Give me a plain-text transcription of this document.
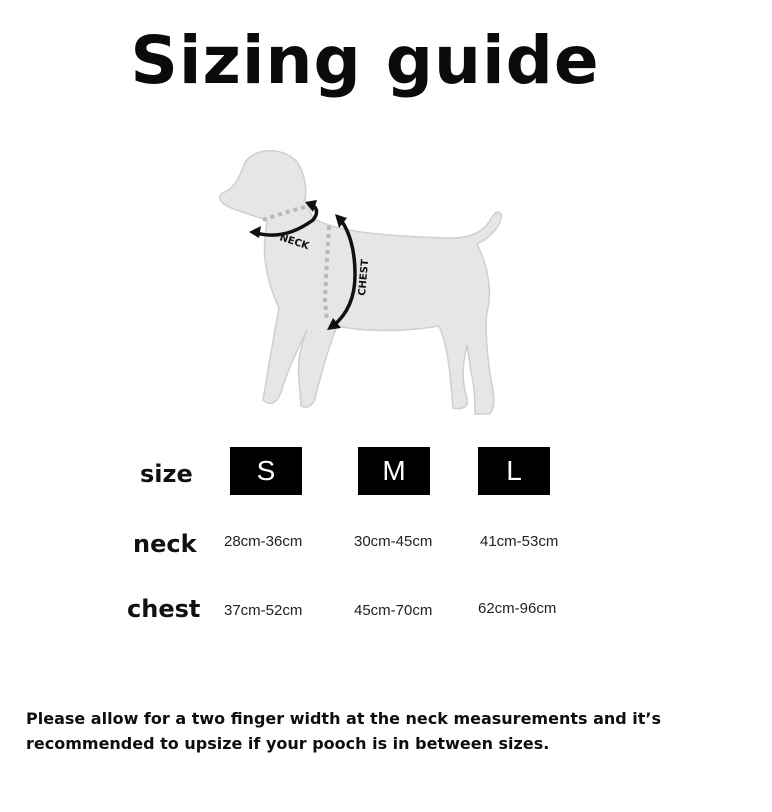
Sizing guide
NECK
CHEST
size	S	M	L
neck 28cm-36cm	30cm-45cm	41cm-53cm
chest 37cm-52cm	45cm-70cm	62cm-96cm
Please allow for a two finger width at the neck measurements and it’s
recommended to upsize if your pooch is in between sizes.
